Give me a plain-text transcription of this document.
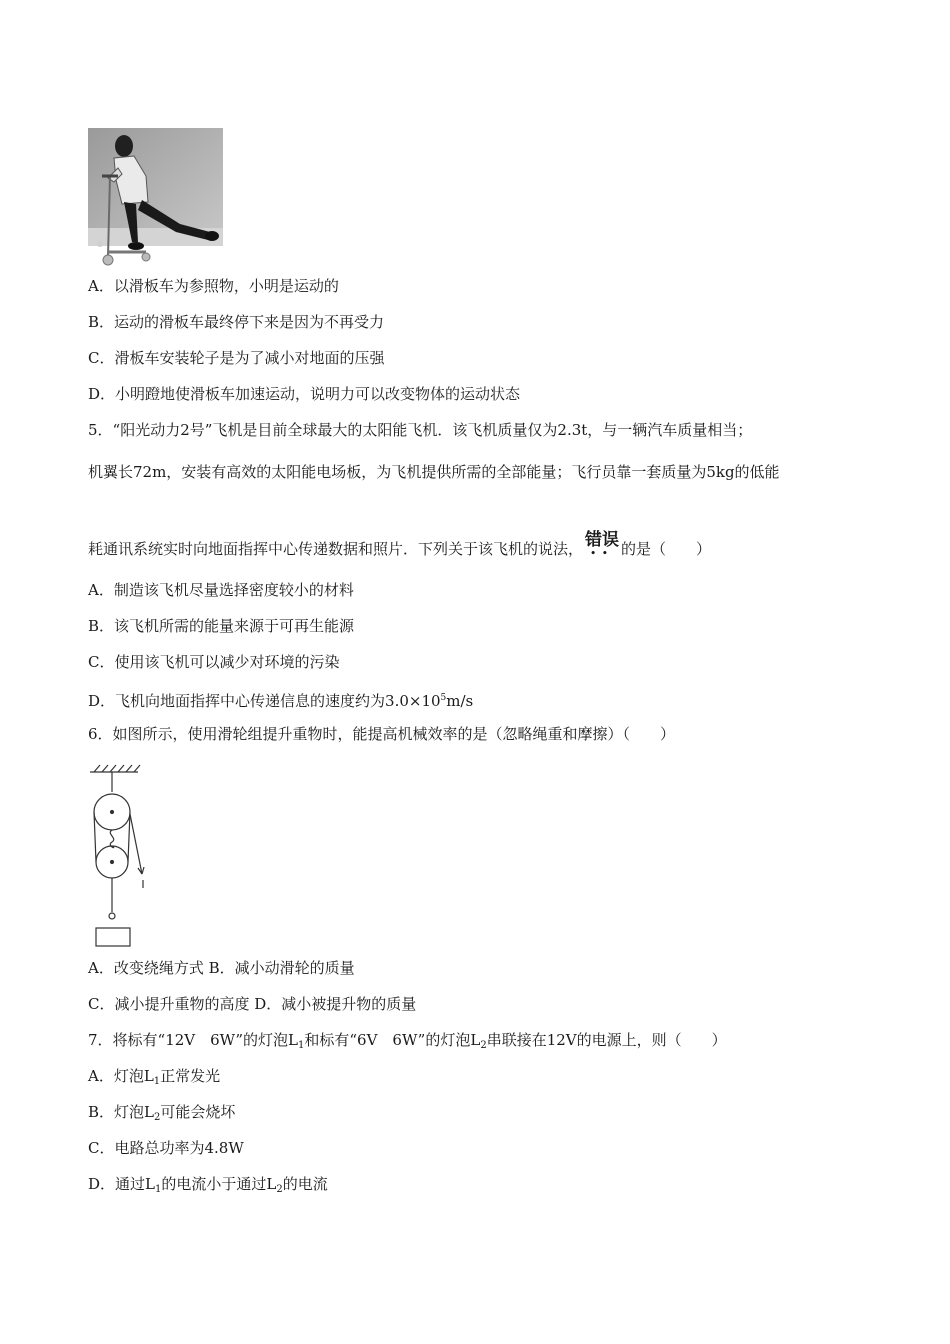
A．以滑板车为参照物，小明是运动的
B．运动的滑板车最终停下来是因为不再受力
C．滑板车安装轮子是为了减小对地面的压强
D．小明蹬地使滑板车加速运动，说明力可以改变物体的运动状态
5．“阳光动力2号”飞机是目前全球最大的太阳能飞机．该飞机质量仅为2.3t，与一辆汽车质量相当；
机翼长72m，安装有高效的太阳能电场板，为飞机提供所需的全部能量；飞行员靠一套质量为5kg的低能
耗通讯系统实时向地面指挥中心传递数据和照片．下列关于该飞机的说法， 错误
•• 的是（　　）
A．制造该飞机尽量选择密度较小的材料
B．该飞机所需的能量来源于可再生能源
C．使用该飞机可以减少对环境的污染
D．飞机向地面指挥中心传递信息的速度约为$3.0\times 10^5m/s$
6．如图所示，使用滑轮组提升重物时，能提高机械效率的是（忽略绳重和摩擦）（　　）
A．改变绕绳方式 B．减小动滑轮的质量
C．减小提升重物的高度 D．减小被提升物的质量
7．将标有“12V　6W”的灯泡$L_1$和标有“6V　6W”的灯泡$L_2$串联接在12V的电源上，则（　　）
A．灯泡$L_1$正常发光
B．灯泡$L_2$可能会烧坏
C．电路总功率为4.8W
D．通过$L_1$的电流小于通过$L_2$的电流
